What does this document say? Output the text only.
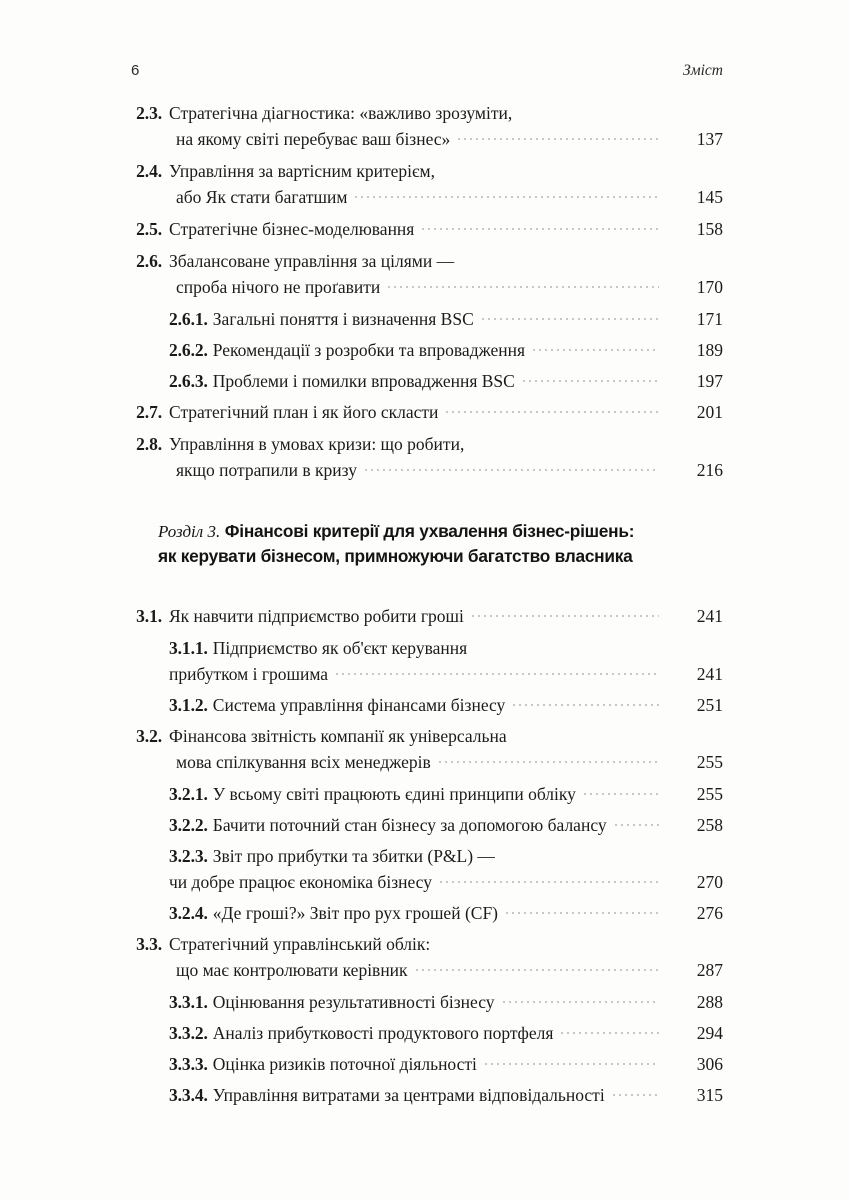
6	Зміст
2.3. Стратегічна діагностика: «важливо зрозуміти,
на якому світі перебуває ваш бізнес»	137
2.4. Управління за вартісним критерієм,
або Як стати багатшим	145
2.5. Стратегічне бізнес-моделювання	158
2.6. Збалансоване управління за цілями —
спроба нічого не проґавити	170
2.6.1. Загальні поняття і визначення BSC	171
2.6.2. Рекомендації з розробки та впровадження	189
2.6.3. Проблеми і помилки впровадження BSC	197
2.7. Стратегічний план і як його скласти	201
2.8. Управління в умовах кризи: що робити,
якщо потрапили в кризу	216
Розділ 3. Фінансові критерії для ухвалення бізнес-рішень:
як керувати бізнесом, примножуючи багатство власника
3.1. Як навчити підприємство робити гроші	241
3.1.1. Підприємство як об'єкт керування
прибутком і грошима	241
3.1.2. Система управління фінансами бізнесу	251
3.2. Фінансова звітність компанії як універсальна
мова спілкування всіх менеджерів	255
3.2.1. У всьому світі працюють єдині принципи обліку	255
3.2.2. Бачити поточний стан бізнесу за допомогою балансу	258
3.2.3. Звіт про прибутки та збитки (P&L) —
чи добре працює економіка бізнесу	270
3.2.4. «Де гроші?» Звіт про рух грошей (CF)	276
3.3. Стратегічний управлінський облік:
що має контролювати керівник	287
3.3.1. Оцінювання результативності бізнесу	288
3.3.2. Аналіз прибутковості продуктового портфеля	294
3.3.3. Оцінка ризиків поточної діяльності	306
3.3.4. Управління витратами за центрами відповідальності	315
